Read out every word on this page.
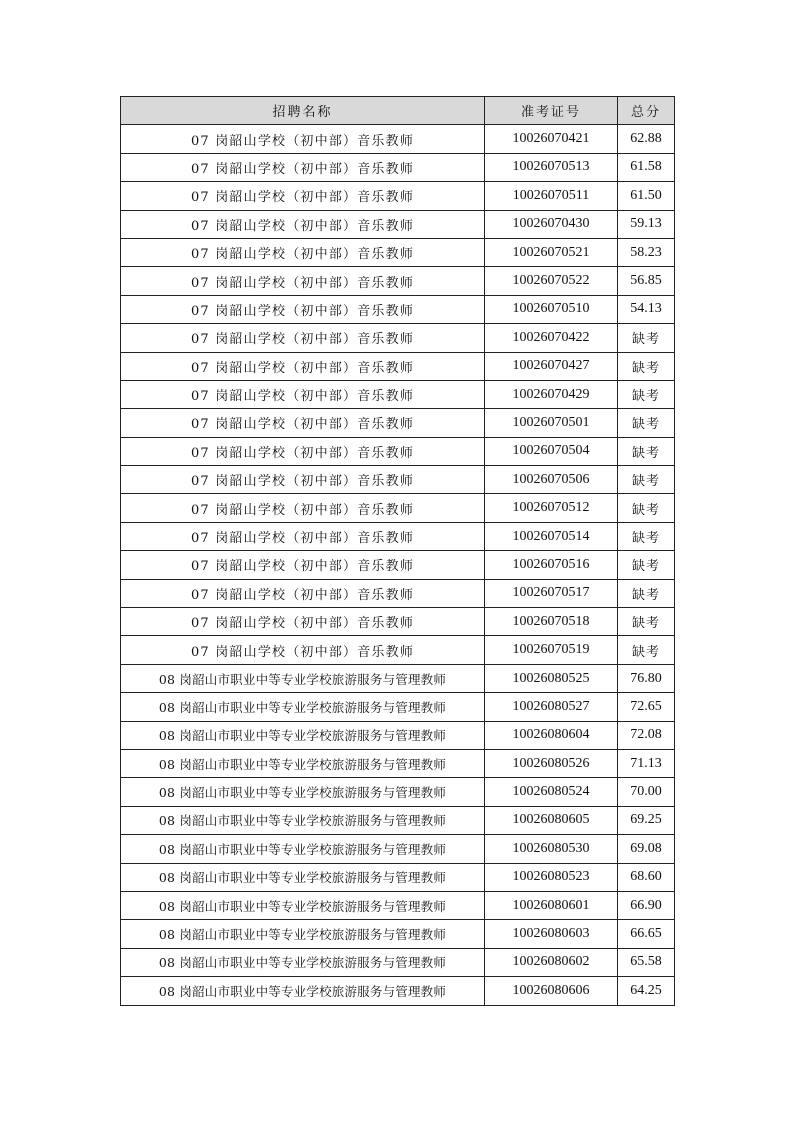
招聘名称	准考证号	总分
07 岗韶山学校（初中部）音乐教师	10026070421	62.88
07 岗韶山学校（初中部）音乐教师	10026070513	61.58
07 岗韶山学校（初中部）音乐教师	10026070511	61.50
07 岗韶山学校（初中部）音乐教师	10026070430	59.13
07 岗韶山学校（初中部）音乐教师	10026070521	58.23
07 岗韶山学校（初中部）音乐教师	10026070522	56.85
07 岗韶山学校（初中部）音乐教师	10026070510	54.13
07 岗韶山学校（初中部）音乐教师	10026070422	缺考
07 岗韶山学校（初中部）音乐教师	10026070427	缺考
07 岗韶山学校（初中部）音乐教师	10026070429	缺考
07 岗韶山学校（初中部）音乐教师	10026070501	缺考
07 岗韶山学校（初中部）音乐教师	10026070504	缺考
07 岗韶山学校（初中部）音乐教师	10026070506	缺考
07 岗韶山学校（初中部）音乐教师	10026070512	缺考
07 岗韶山学校（初中部）音乐教师	10026070514	缺考
07 岗韶山学校（初中部）音乐教师	10026070516	缺考
07 岗韶山学校（初中部）音乐教师	10026070517	缺考
07 岗韶山学校（初中部）音乐教师	10026070518	缺考
07 岗韶山学校（初中部）音乐教师	10026070519	缺考
08 岗韶山市职业中等专业学校旅游服务与管理教师	10026080525	76.80
08 岗韶山市职业中等专业学校旅游服务与管理教师	10026080527	72.65
08 岗韶山市职业中等专业学校旅游服务与管理教师	10026080604	72.08
08 岗韶山市职业中等专业学校旅游服务与管理教师	10026080526	71.13
08 岗韶山市职业中等专业学校旅游服务与管理教师	10026080524	70.00
08 岗韶山市职业中等专业学校旅游服务与管理教师	10026080605	69.25
08 岗韶山市职业中等专业学校旅游服务与管理教师	10026080530	69.08
08 岗韶山市职业中等专业学校旅游服务与管理教师	10026080523	68.60
08 岗韶山市职业中等专业学校旅游服务与管理教师	10026080601	66.90
08 岗韶山市职业中等专业学校旅游服务与管理教师	10026080603	66.65
08 岗韶山市职业中等专业学校旅游服务与管理教师	10026080602	65.58
08 岗韶山市职业中等专业学校旅游服务与管理教师	10026080606	64.25
